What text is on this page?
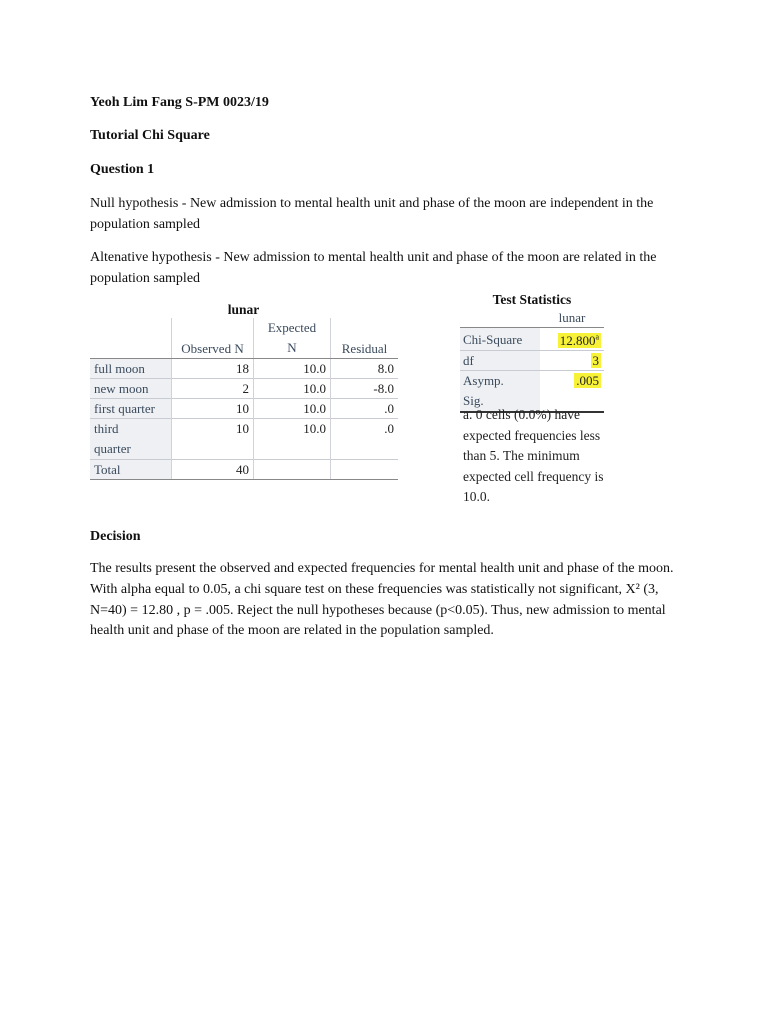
Yeoh Lim Fang S-PM 0023/19
Tutorial Chi Square
Question 1
Null hypothesis - New admission to mental health unit and phase of the moon are independent in the population sampled
Altenative hypothesis - New admission to mental health unit and phase of the moon are related in the population sampled
lunar
	Observed N	Expected N	Residual
full moon	18	10.0	8.0
new moon	2	10.0	-8.0
first quarter	10	10.0	.0
third quarter	10	10.0	.0
Total	40		
Test Statistics
	lunar
Chi-Square	12.800$^a$
df	3
Asymp. Sig.	.005
a. 0 cells (0.0%) have expected frequencies less than 5. The minimum expected cell frequency is 10.0.
Decision
The results present the observed and expected frequencies for mental health unit and phase of the moon. With alpha equal to 0.05, a chi square test on these frequencies was statistically not significant, X² (3, N=40) = 12.80 , p = .005. Reject the null hypotheses because (p<0.05). Thus, new admission to mental health unit and phase of the moon are related in the population sampled.
